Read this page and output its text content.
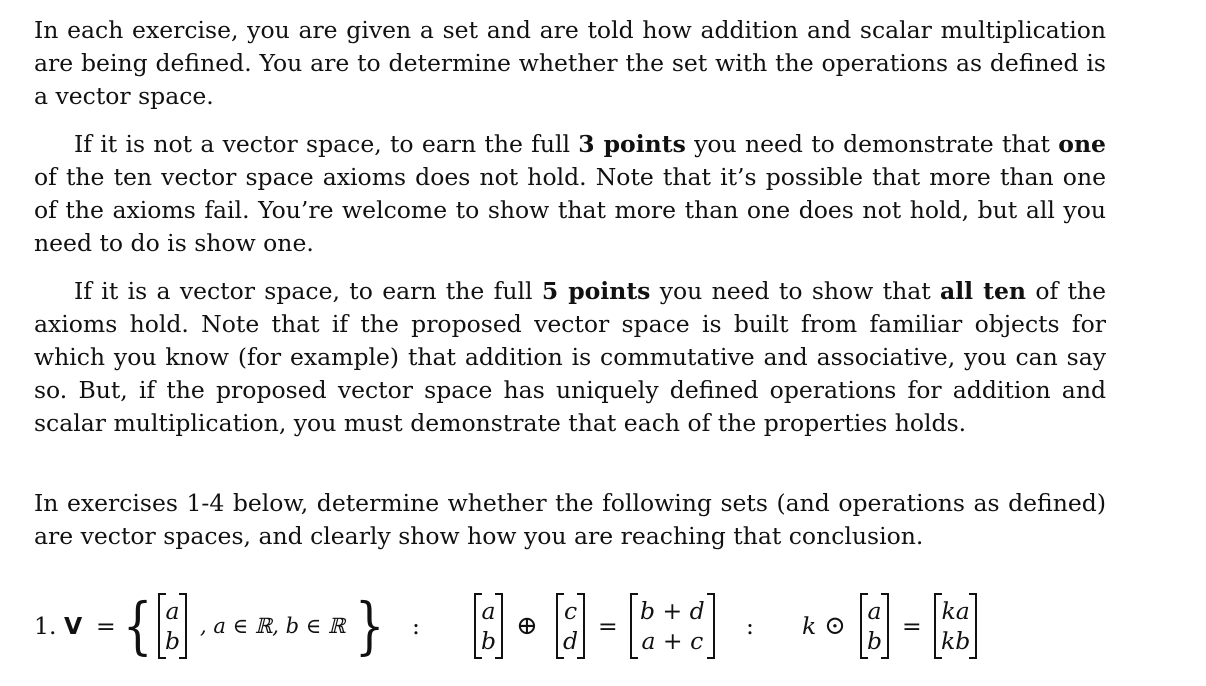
In each exercise, you are given a set and are told how addition and scalar multiplication are being defined. You are to determine whether the set with the operations as defined is a vector space.

If it is not a vector space, to earn the full 3 points you need to demonstrate that one of the ten vector space axioms does not hold. Note that it’s possible that more than one of the axioms fail. You’re welcome to show that more than one does not hold, but all you need to do is show one.

If it is a vector space, to earn the full 5 points you need to show that all ten of the axioms hold. Note that if the proposed vector space is built from familiar objects for which you know (for example) that addition is commutative and associative, you can say so. But, if the proposed vector space has uniquely defined operations for addition and scalar multiplication, you must demonstrate that each of the properties holds.

In exercises 1-4 below, determine whether the following sets (and operations as defined) are vector spaces, and clearly show how you are reaching that conclusion.

1. V = { a
b
, a ∈ ℝ, b ∈ ℝ } :
a
b ⊕ c
d
=
b + d
a + c
: k ⊙ a
b
=
ka
kb
